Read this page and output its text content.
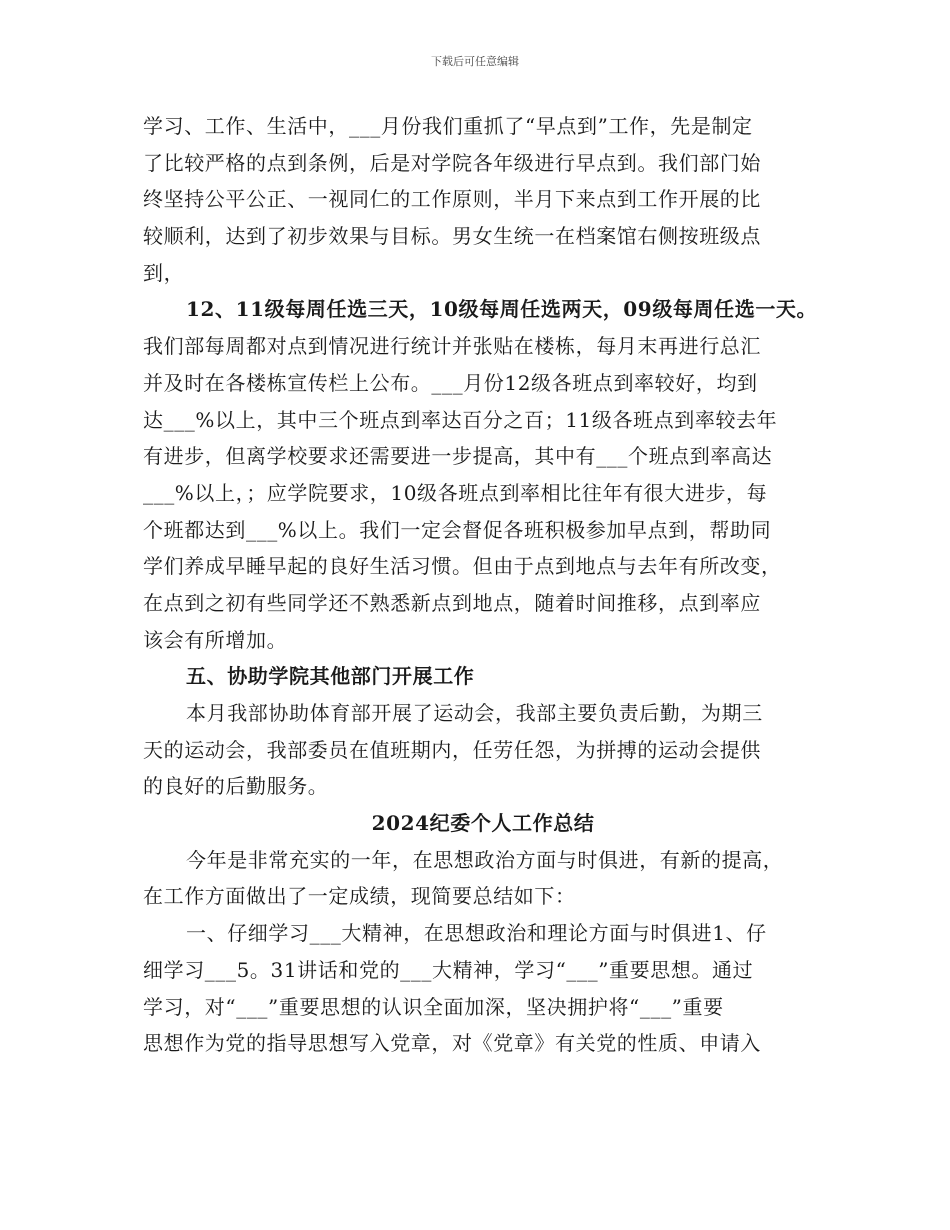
下载后可任意编辑
学习、工作、生活中，___月份我们重抓了“早点到”工作，先是制定
了比较严格的点到条例，后是对学院各年级进行早点到。我们部门始
终坚持公平公正、一视同仁的工作原则，半月下来点到工作开展的比
较顺利，达到了初步效果与目标。男女生统一在档案馆右侧按班级点
到，
12、11级每周任选三天，10级每周任选两天，09级每周任选一天。
我们部每周都对点到情况进行统计并张贴在楼栋，每月末再进行总汇
并及时在各楼栋宣传栏上公布。___月份12级各班点到率较好，均到
达___%以上，其中三个班点到率达百分之百；11级各班点到率较去年
有进步，但离学校要求还需要进一步提高，其中有___个班点到率高达
___%以上，；应学院要求，10级各班点到率相比往年有很大进步，每
个班都达到___%以上。我们一定会督促各班积极参加早点到，帮助同
学们养成早睡早起的良好生活习惯。但由于点到地点与去年有所改变，
在点到之初有些同学还不熟悉新点到地点，随着时间推移，点到率应
该会有所增加。
五、协助学院其他部门开展工作
本月我部协助体育部开展了运动会，我部主要负责后勤，为期三
天的运动会，我部委员在值班期内，任劳任怨，为拼搏的运动会提供
的良好的后勤服务。
2024纪委个人工作总结
今年是非常充实的一年，在思想政治方面与时俱进，有新的提高，
在工作方面做出了一定成绩，现简要总结如下：
一、仔细学习___大精神，在思想政治和理论方面与时俱进1、仔
细学习___5。31讲话和党的___大精神，学习“___”重要思想。通过
学习，对“___”重要思想的认识全面加深，坚决拥护将“___”重要
思想作为党的指导思想写入党章，对《党章》有关党的性质、申请入
